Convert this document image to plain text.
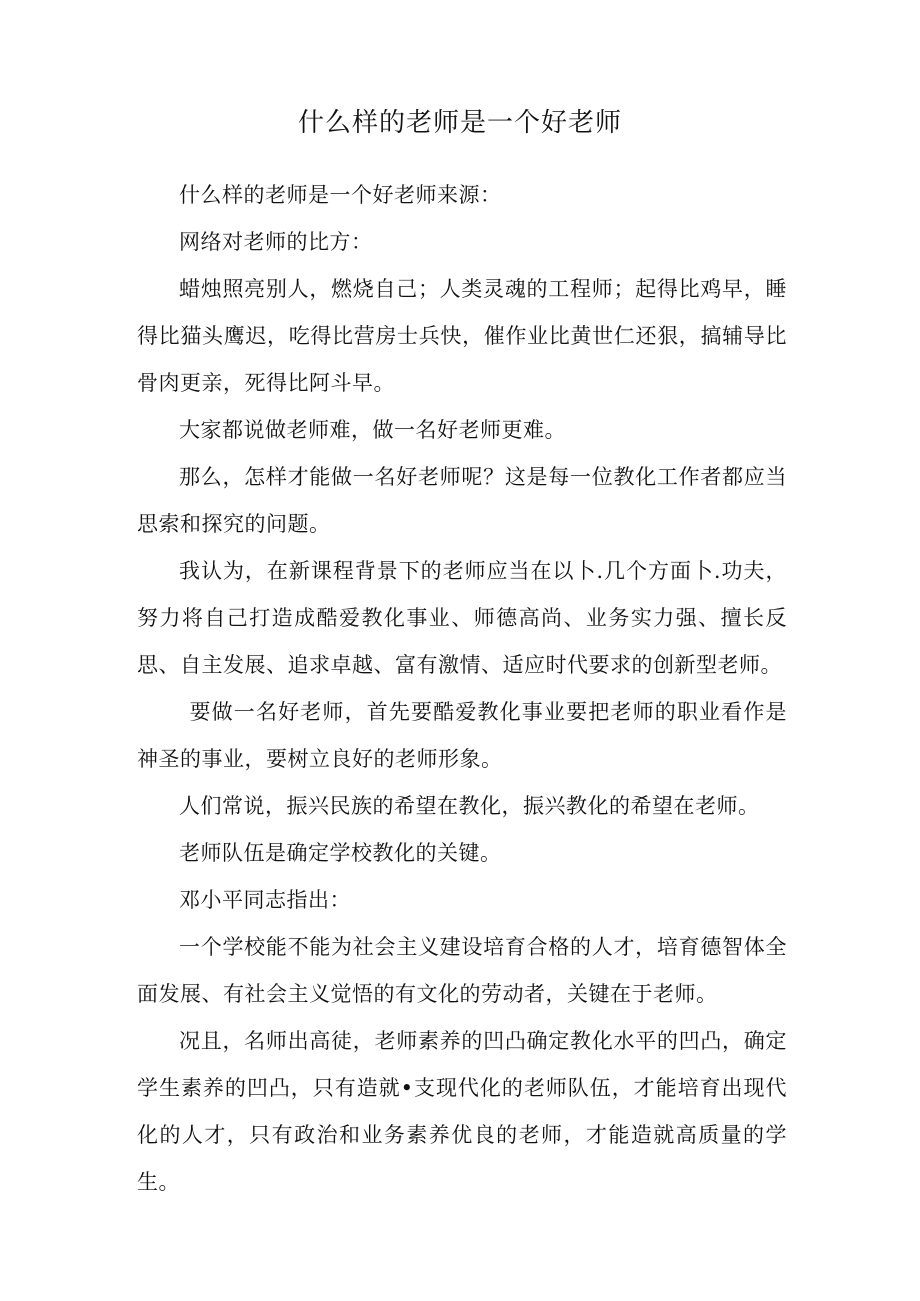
什么样的老师是一个好老师

什么样的老师是一个好老师来源：

网络对老师的比方：

蜡烛照亮别人，燃烧自己；人类灵魂的工程师；起得比鸡早，睡得比猫头鹰迟，吃得比营房士兵快，催作业比黄世仁还狠，搞辅导比骨肉更亲，死得比阿斗早。

大家都说做老师难，做一名好老师更难。

那么，怎样才能做一名好老师呢？这是每一位教化工作者都应当思索和探究的问题。

我认为，在新课程背景下的老师应当在以卜.几个方面卜.功夫，努力将自己打造成酷爱教化事业、师德高尚、业务实力强、擅长反思、自主发展、追求卓越、富有激情、适应时代要求的创新型老师。

要做一名好老师，首先要酷爱教化事业要把老师的职业看作是神圣的事业，要树立良好的老师形象。

人们常说，振兴民族的希望在教化，振兴教化的希望在老师。

老师队伍是确定学校教化的关键。

邓小平同志指出：

一个学校能不能为社会主义建设培育合格的人才，培育德智体全面发展、有社会主义觉悟的有文化的劳动者，关键在于老师。

况且，名师出高徒，老师素养的凹凸确定教化水平的凹凸，确定学生素养的凹凸，只有造就•支现代化的老师队伍，才能培育出现代化的人才，只有政治和业务素养优良的老师，才能造就高质量的学生。
